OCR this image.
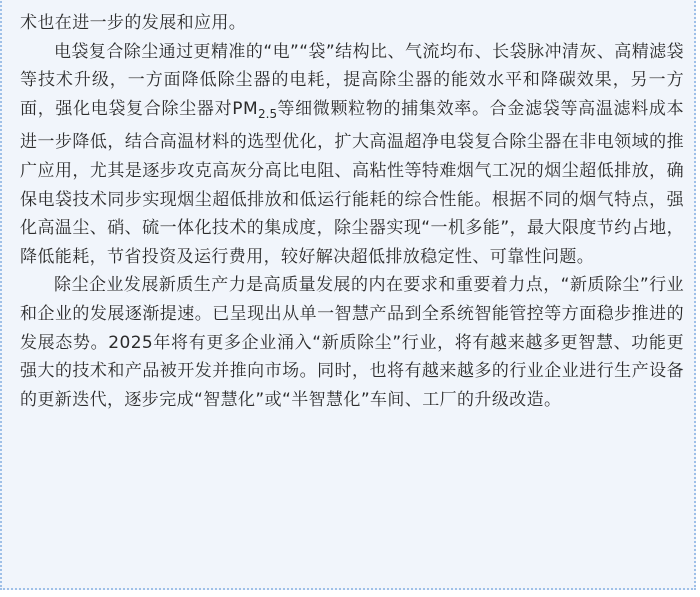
术也在进一步的发展和应用。

电袋复合除尘通过更精准的“电”“袋”结构比、气流均布、长袋脉冲清灰、高精滤袋等技术升级，一方面降低除尘器的电耗，提高除尘器的能效水平和降碳效果，另一方面，强化电袋复合除尘器对$PM_{2.5}$等细微颗粒物的捕集效率。合金滤袋等高温滤料成本进一步降低，结合高温材料的选型优化，扩大高温超净电袋复合除尘器在非电领域的推广应用，尤其是逐步攻克高灰分高比电阻、高粘性等特难烟气工况的烟尘超低排放，确保电袋技术同步实现烟尘超低排放和低运行能耗的综合性能。根据不同的烟气特点，强化高温尘、硝、硫一体化技术的集成度，除尘器实现“一机多能”，最大限度节约占地，降低能耗，节省投资及运行费用，较好解决超低排放稳定性、可靠性问题。

除尘企业发展新质生产力是高质量发展的内在要求和重要着力点，“新质除尘”行业和企业的发展逐渐提速。已呈现出从单一智慧产品到全系统智能管控等方面稳步推进的发展态势。2025年将有更多企业涌入“新质除尘”行业，将有越来越多更智慧、功能更强大的技术和产品被开发并推向市场。同时，也将有越来越多的行业企业进行生产设备的更新迭代，逐步完成“智慧化”或“半智慧化”车间、工厂的升级改造。
